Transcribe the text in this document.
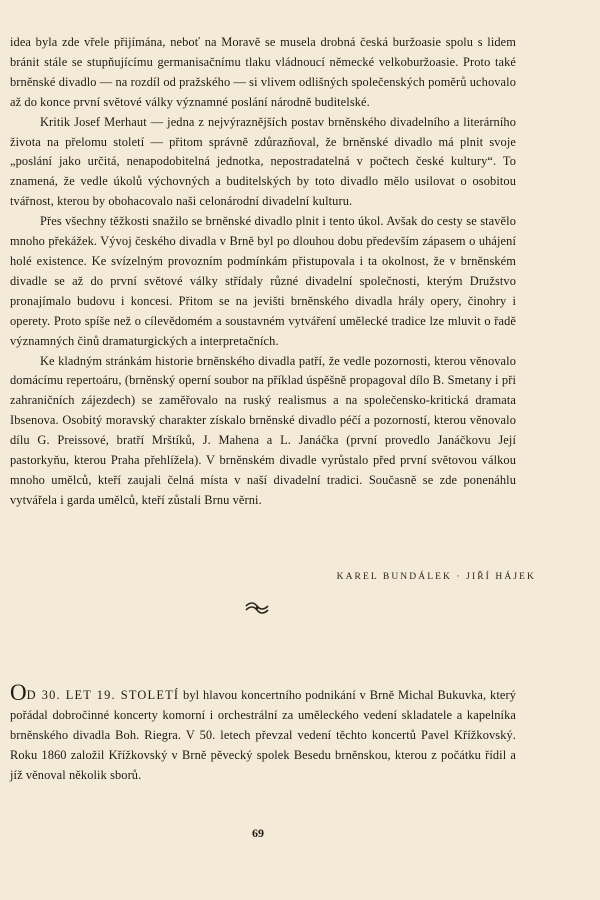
idea byla zde vřele přijímána, neboť na Moravě se musela drobná česká buržoasie spolu s lidem bránit stále se stupňujícímu germanisačnímu tlaku vládnoucí německé velkoburžoasie. Proto také brněnské divadlo — na rozdíl od pražského — si vlivem odlišných společenských poměrů uchovalo až do konce první světové války významné poslání národně buditelské.

Kritik Josef Merhaut — jedna z nejvýraznějších postav brněnského divadelního a literárního života na přelomu století — přitom správně zdůrazňoval, že brněnské divadlo má plnit svoje „poslání jako určitá, nenapodobitelná jednotka, nepostradatelná v počtech české kultury“. To znamená, že vedle úkolů výchovných a buditelských by toto divadlo mělo usilovat o osobitou tvářnost, kterou by obohacovalo naši celonárodní divadelní kulturu.

Přes všechny těžkosti snažilo se brněnské divadlo plnit i tento úkol. Avšak do cesty se stavělo mnoho překážek. Vývoj českého divadla v Brně byl po dlouhou dobu především zápasem o uhájení holé existence. Ke svízelným provozním podmínkám přistupovala i ta okolnost, že v brněnském divadle se až do první světové války střídaly různé divadelní společnosti, kterým Družstvo pronajímalo budovu i koncesi. Přitom se na jevišti brněnského divadla hrály opery, činohry i operety. Proto spíše než o cílevědomém a soustavném vytváření umělecké tradice lze mluvit o řadě významných činů dramaturgických a interpretačních.

Ke kladným stránkám historie brněnského divadla patří, že vedle pozornosti, kterou věnovalo domácímu repertoáru, (brněnský operní soubor na příklad úspěšně propagoval dílo B. Smetany i při zahraničních zájezdech) se zaměřovalo na ruský realismus a na společensko-kritická dramata Ibsenova. Osobitý moravský charakter získalo brněnské divadlo péčí a pozorností, kterou věnovalo dílu G. Preissové, bratří Mrštíků, J. Mahena a L. Janáčka (první provedlo Janáčkovu Její pastorkyňu, kterou Praha přehlížela). V brněnském divadle vyrůstalo před první světovou válkou mnoho umělců, kteří zaujali čelná místa v naší divadelní tradici. Současně se zde ponenáhlu vytvářela i garda umělců, kteří zůstali Brnu věrni.

KAREL BUNDÁLEK · JIŘÍ HÁJEK

OD 30. LET 19. STOLETÍ byl hlavou koncertního podnikání v Brně Michal Bukuvka, který pořádal dobročinné koncerty komorní i orchestrální za uměleckého vedení skladatele a kapelníka brněnského divadla Boh. Riegra. V 50. letech převzal vedení těchto koncertů Pavel Křížkovský. Roku 1860 založil Křížkovský v Brně pěvecký spolek Besedu brněnskou, kterou z počátku řídil a jíž věnoval několik sborů.

69
